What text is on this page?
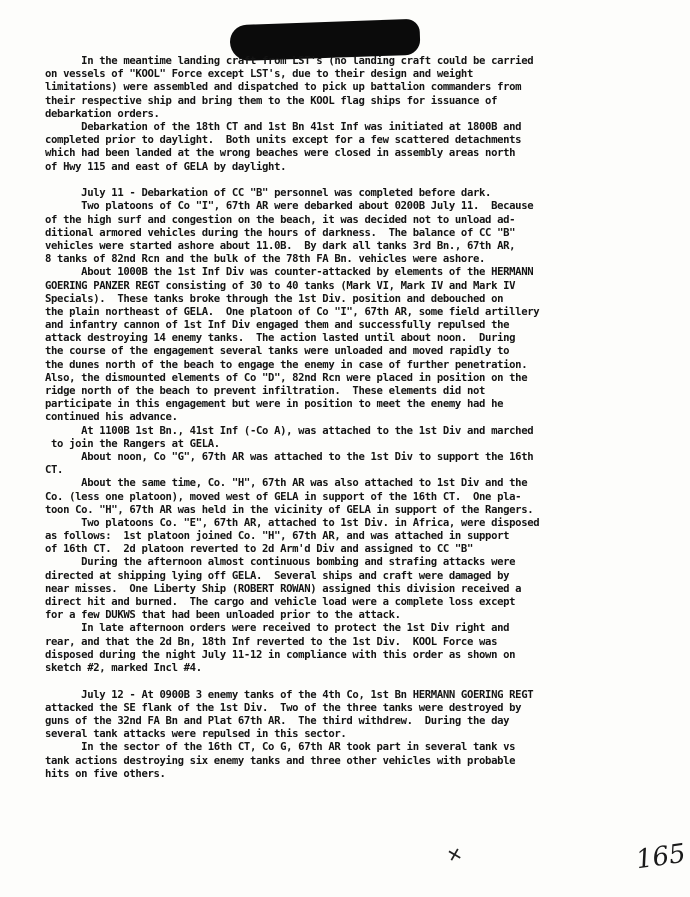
In the meantime landing craft from LST's (no landing craft could be carried
on vessels of "KOOL" Force except LST's, due to their design and weight
limitations) were assembled and dispatched to pick up battalion commanders from
their respective ship and bring them to the KOOL flag ships for issuance of
debarkation orders.
Debarkation of the 18th CT and 1st Bn 41st Inf was initiated at 1800B and
completed prior to daylight.  Both units except for a few scattered detachments
which had been landed at the wrong beaches were closed in assembly areas north
of Hwy 115 and east of GELA by daylight.
July 11 - Debarkation of CC "B" personnel was completed before dark.
Two platoons of Co "I", 67th AR were debarked about 0200B July 11.  Because
of the high surf and congestion on the beach, it was decided not to unload ad-
ditional armored vehicles during the hours of darkness.  The balance of CC "B"
vehicles were started ashore about 11.0B.  By dark all tanks 3rd Bn., 67th AR,
8 tanks of 82nd Rcn and the bulk of the 78th FA Bn. vehicles were ashore.
About 1000B the 1st Inf Div was counter-attacked by elements of the HERMANN
GOERING PANZER REGT consisting of 30 to 40 tanks (Mark VI, Mark IV and Mark IV
Specials).  These tanks broke through the 1st Div. position and debouched on
the plain northeast of GELA.  One platoon of Co "I", 67th AR, some field artillery
and infantry cannon of 1st Inf Div engaged them and successfully repulsed the
attack destroying 14 enemy tanks.  The action lasted until about noon.  During
the course of the engagement several tanks were unloaded and moved rapidly to
the dunes north of the beach to engage the enemy in case of further penetration.
Also, the dismounted elements of Co "D", 82nd Rcn were placed in position on the
ridge north of the beach to prevent infiltration.  These elements did not
participate in this engagement but were in position to meet the enemy had he
continued his advance.
At 1100B 1st Bn., 41st Inf (-Co A), was attached to the 1st Div and marched
to join the Rangers at GELA.
About noon, Co "G", 67th AR was attached to the 1st Div to support the 16th
CT.
About the same time, Co. "H", 67th AR was also attached to 1st Div and the
Co. (less one platoon), moved west of GELA in support of the 16th CT.  One pla-
toon Co. "H", 67th AR was held in the vicinity of GELA in support of the Rangers.
Two platoons Co. "E", 67th AR, attached to 1st Div. in Africa, were disposed
as follows:  1st platoon joined Co. "H", 67th AR, and was attached in support
of 16th CT.  2d platoon reverted to 2d Arm'd Div and assigned to CC "B"
During the afternoon almost continuous bombing and strafing attacks were
directed at shipping lying off GELA.  Several ships and craft were damaged by
near misses.  One Liberty Ship (ROBERT ROWAN) assigned this division received a
direct hit and burned.  The cargo and vehicle load were a complete loss except
for a few DUKWS that had been unloaded prior to the attack.
In late afternoon orders were received to protect the 1st Div right and
rear, and that the 2d Bn, 18th Inf reverted to the 1st Div.  KOOL Force was
disposed during the night July 11-12 in compliance with this order as shown on
sketch #2, marked Incl #4.
July 12 - At 0900B 3 enemy tanks of the 4th Co, 1st Bn HERMANN GOERING REGT
attacked the SE flank of the 1st Div.  Two of the three tanks were destroyed by
guns of the 32nd FA Bn and Plat 67th AR.  The third withdrew.  During the day
several tank attacks were repulsed in this sector.
In the sector of the 16th CT, Co G, 67th AR took part in several tank vs
tank actions destroying six enemy tanks and three other vehicles with probable
hits on five others.
✕	165
